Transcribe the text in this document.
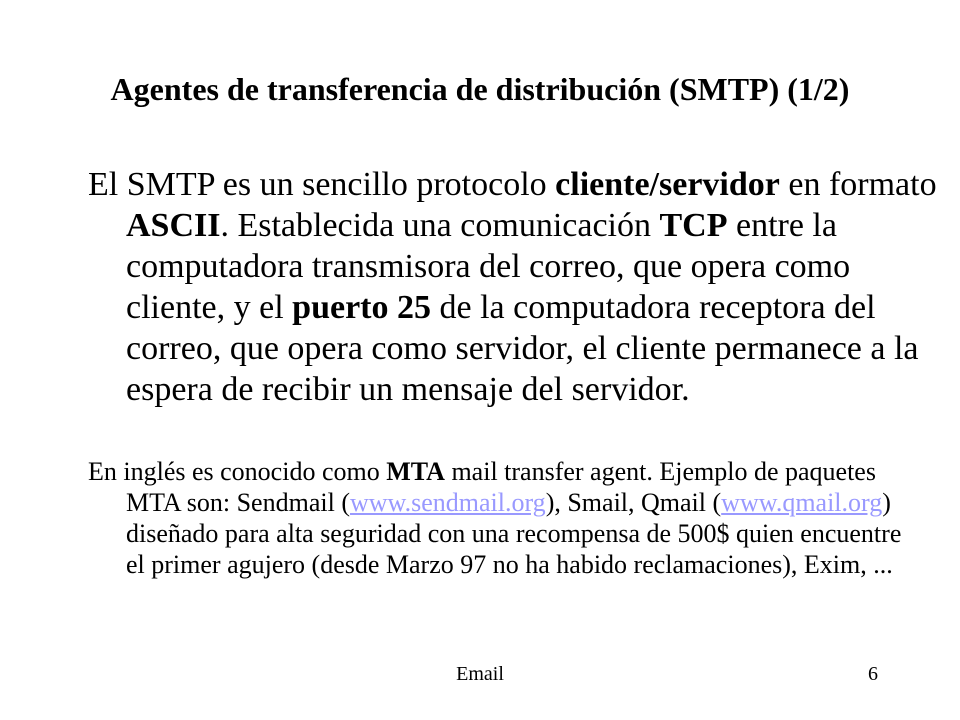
Agentes de transferencia de distribución (SMTP) (1/2)

El SMTP es un sencillo protocolo cliente/servidor en formato ASCII. Establecida una comunicación TCP entre la computadora transmisora del correo, que opera como cliente, y el puerto 25 de la computadora receptora del correo, que opera como servidor, el cliente permanece a la espera de recibir un mensaje del servidor.

En inglés es conocido como MTA mail transfer agent. Ejemplo de paquetes MTA son: Sendmail (www.sendmail.org), Smail, Qmail (www.qmail.org) diseñado para alta seguridad con una recompensa de 500$ quien encuentre el primer agujero (desde Marzo 97 no ha habido reclamaciones), Exim, ...

Email	6
